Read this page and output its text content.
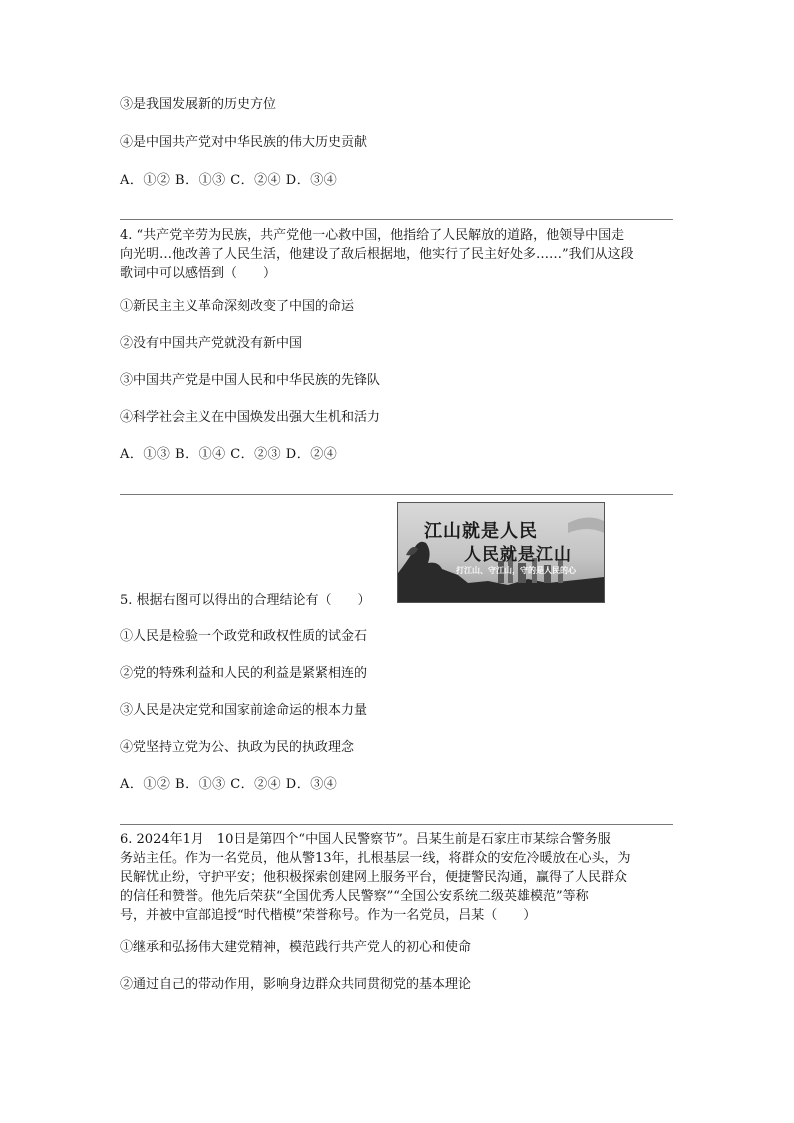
③是我国发展新的历史方位
④是中国共产党对中华民族的伟大历史贡献
A．①② B．①③ C．②④ D．③④

4. “共产党辛劳为民族，共产党他一心救中国，他指给了人民解放的道路，他领导中国走

向光明…他改善了人民生活，他建设了敌后根据地，他实行了民主好处多……”我们从这段

歌词中可以感悟到（　　）

①新民主主义革命深刻改变了中国的命运
②没有中国共产党就没有新中国
③中国共产党是中国人民和中华民族的先锋队
④科学社会主义在中国焕发出强大生机和活力
A．①③ B．①④ C．②③ D．②④
江山就是人民
人民就是江山
打江山、守江山，守的是人民的心
5. 根据右图可以得出的合理结论有（　　）
①人民是检验一个政党和政权性质的试金石
②党的特殊利益和人民的利益是紧紧相连的
③人民是决定党和国家前途命运的根本力量
④党坚持立党为公、执政为民的执政理念
A．①② B．①③ C．②④ D．③④

6. 2024年1月　10日是第四个“中国人民警察节”。吕某生前是石家庄市某综合警务服

务站主任。作为一名党员，他从警13年，扎根基层一线，将群众的安危冷暖放在心头，为

民解忧止纷，守护平安；他积极探索创建网上服务平台，便捷警民沟通，赢得了人民群众

的信任和赞誉。他先后荣获“全国优秀人民警察”“全国公安系统二级英雄模范”等称

号，并被中宣部追授“时代楷模”荣誉称号。作为一名党员，吕某（　　）

①继承和弘扬伟大建党精神，模范践行共产党人的初心和使命
②通过自己的带动作用，影响身边群众共同贯彻党的基本理论
